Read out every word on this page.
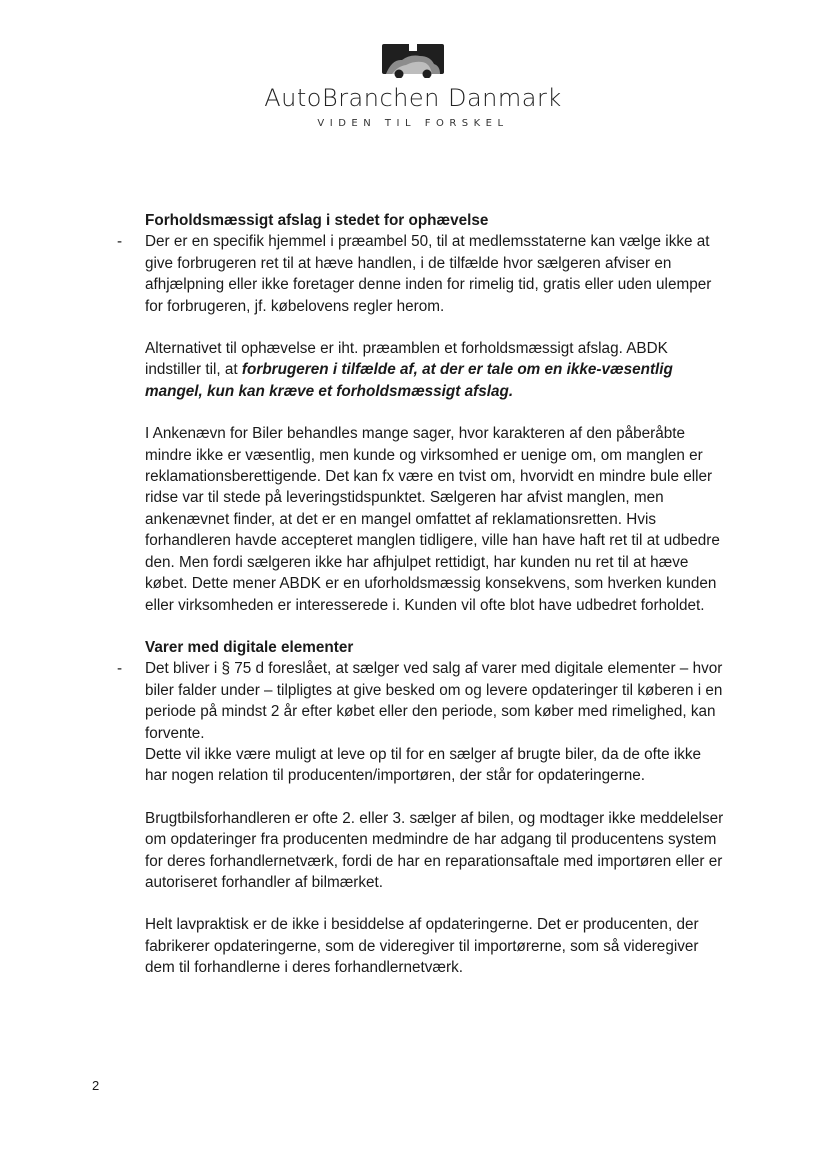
AutoBranchen Danmark
VIDEN TIL FORSKEL

Forholdsmæssigt afslag i stedet for ophævelse

- Der er en specifik hjemmel i præambel 50, til at medlemsstaterne kan vælge ikke at give forbrugeren ret til at hæve handlen, i de tilfælde hvor sælgeren afviser en afhjælpning eller ikke foretager denne inden for rimelig tid, gratis eller uden ulemper for forbrugeren, jf. købelovens regler herom.

Alternativet til ophævelse er iht. præamblen et forholdsmæssigt afslag. ABDK indstiller til, at forbrugeren i tilfælde af, at der er tale om en ikke-væsentlig mangel, kun kan kræve et forholdsmæssigt afslag.

I Ankenævn for Biler behandles mange sager, hvor karakteren af den påberåbte mindre ikke er væsentlig, men kunde og virksomhed er uenige om, om manglen er reklamationsberettigende. Det kan fx være en tvist om, hvorvidt en mindre bule eller ridse var til stede på leveringstidspunktet. Sælgeren har afvist manglen, men ankenævnet finder, at det er en mangel omfattet af reklamationsretten. Hvis forhandleren havde accepteret manglen tidligere, ville han have haft ret til at udbedre den. Men fordi sælgeren ikke har afhjulpet rettidigt, har kunden nu ret til at hæve købet. Dette mener ABDK er en uforholdsmæssig konsekvens, som hverken kunden eller virksomheden er interesserede i. Kunden vil ofte blot have udbedret forholdet.

Varer med digitale elementer

- Det bliver i § 75 d foreslået, at sælger ved salg af varer med digitale elementer – hvor biler falder under – tilpligtes at give besked om og levere opdateringer til køberen i en periode på mindst 2 år efter købet eller den periode, som køber med rimelighed, kan forvente.

Dette vil ikke være muligt at leve op til for en sælger af brugte biler, da de ofte ikke har nogen relation til producenten/importøren, der står for opdateringerne.

Brugtbilsforhandleren er ofte 2. eller 3. sælger af bilen, og modtager ikke meddelelser om opdateringer fra producenten medmindre de har adgang til producentens system for deres forhandlernetværk, fordi de har en reparationsaftale med importøren eller er autoriseret forhandler af bilmærket.

Helt lavpraktisk er de ikke i besiddelse af opdateringerne. Det er producenten, der fabrikerer opdateringerne, som de videregiver til importørerne, som så videregiver dem til forhandlerne i deres forhandlernetværk.

2
